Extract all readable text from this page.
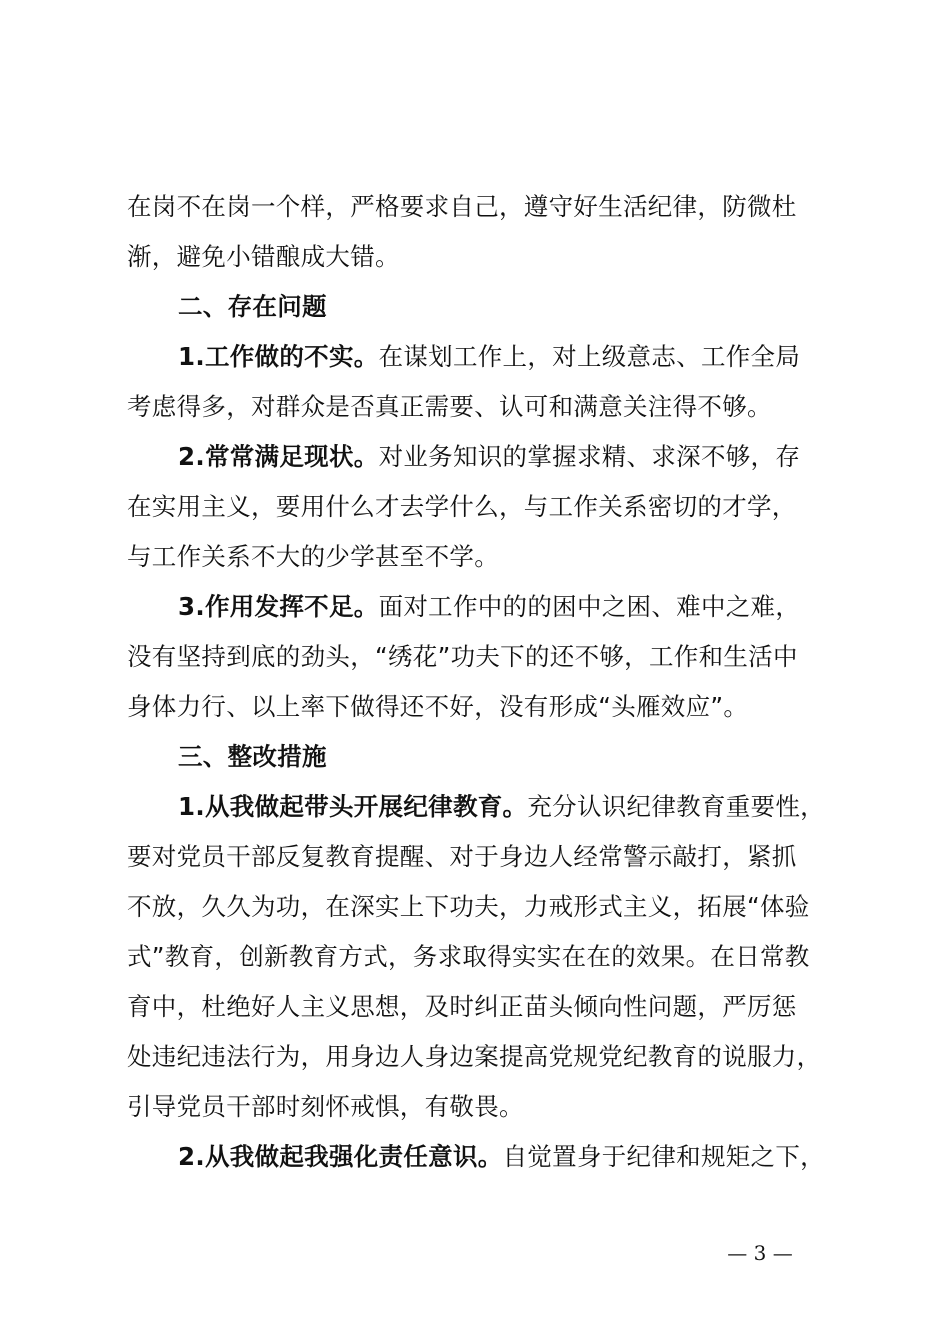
在岗不在岗一个样，严格要求自己，遵守好生活纪律，防微杜
渐，避免小错酿成大错。
二、存在问题
1.工作做的不实。在谋划工作上，对上级意志、工作全局
考虑得多，对群众是否真正需要、认可和满意关注得不够。
2.常常满足现状。对业务知识的掌握求精、求深不够，存
在实用主义，要用什么才去学什么，与工作关系密切的才学，
与工作关系不大的少学甚至不学。
3.作用发挥不足。面对工作中的的困中之困、难中之难，
没有坚持到底的劲头，“绣花”功夫下的还不够，工作和生活中
身体力行、以上率下做得还不好，没有形成“头雁效应”。
三、整改措施
1.从我做起带头开展纪律教育。充分认识纪律教育重要性，
要对党员干部反复教育提醒、对于身边人经常警示敲打，紧抓
不放，久久为功，在深实上下功夫，力戒形式主义，拓展“体验
式”教育，创新教育方式，务求取得实实在在的效果。在日常教
育中，杜绝好人主义思想，及时纠正苗头倾向性问题，严厉惩
处违纪违法行为，用身边人身边案提高党规党纪教育的说服力，
引导党员干部时刻怀戒惧，有敬畏。
2.从我做起我强化责任意识。自觉置身于纪律和规矩之下，
— 3 —
